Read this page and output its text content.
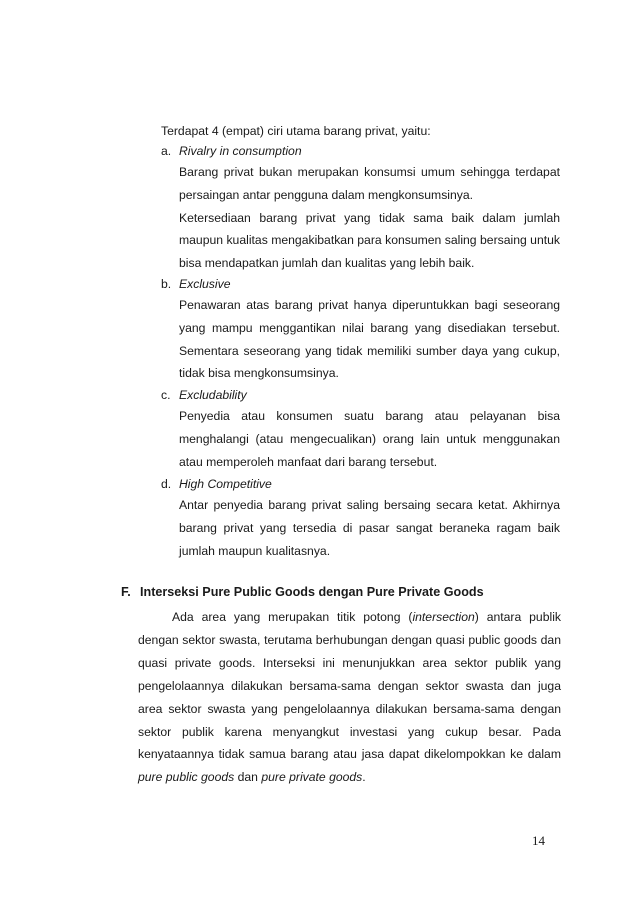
Terdapat 4 (empat) ciri utama barang privat, yaitu:
a. Rivalry in consumption
Barang privat bukan merupakan konsumsi umum sehingga terdapat persaingan antar pengguna dalam mengkonsumsinya.
Ketersediaan barang privat yang tidak sama baik dalam jumlah maupun kualitas mengakibatkan para konsumen saling bersaing untuk bisa mendapatkan jumlah dan kualitas yang lebih baik.
b. Exclusive
Penawaran atas barang privat hanya diperuntukkan bagi seseorang yang mampu menggantikan nilai barang yang disediakan tersebut. Sementara seseorang yang tidak memiliki sumber daya yang cukup, tidak bisa mengkonsumsinya.
c. Excludability
Penyedia atau konsumen suatu barang atau pelayanan bisa menghalangi (atau mengecualikan) orang lain untuk menggunakan atau memperoleh manfaat dari barang tersebut.
d. High Competitive
Antar penyedia barang privat saling bersaing secara ketat. Akhirnya barang privat yang tersedia di pasar sangat beraneka ragam baik jumlah maupun kualitasnya.
F. Interseksi Pure Public Goods dengan Pure Private Goods
Ada area yang merupakan titik potong (intersection) antara publik dengan sektor swasta, terutama berhubungan dengan quasi public goods dan quasi private goods. Interseksi ini menunjukkan area sektor publik yang pengelolaannya dilakukan bersama-sama dengan sektor swasta dan juga area sektor swasta yang pengelolaannya dilakukan bersama-sama dengan sektor publik karena menyangkut investasi yang cukup besar. Pada kenyataannya tidak samua barang atau jasa dapat dikelompokkan ke dalam pure public goods dan pure private goods.
14
